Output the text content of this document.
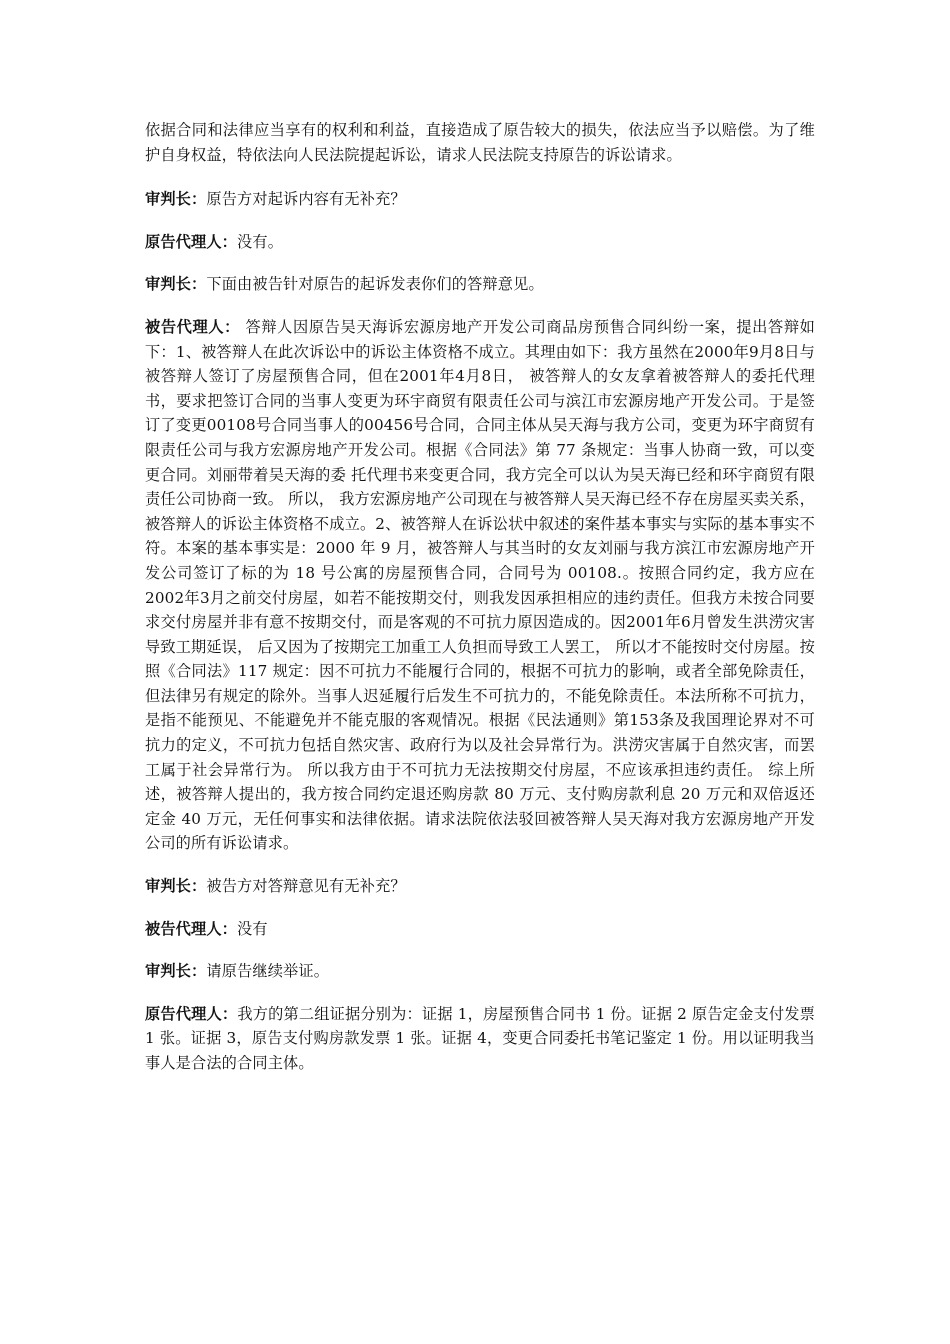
依据合同和法律应当享有的权利和利益，直接造成了原告较大的损失，依法应当予以赔偿。为了维护自身权益，特依法向人民法院提起诉讼，请求人民法院支持原告的诉讼请求。

审判长：原告方对起诉内容有无补充？

原告代理人：没有。

审判长：下面由被告针对原告的起诉发表你们的答辩意见。

被告代理人： 答辩人因原告吴天海诉宏源房地产开发公司商品房预售合同纠纷一案，提出答辩如下：1、被答辩人在此次诉讼中的诉讼主体资格不成立。其理由如下：我方虽然在2000年9月8日与被答辩人签订了房屋预售合同，但在2001年4月8日， 被答辩人的女友拿着被答辩人的委托代理书，要求把签订合同的当事人变更为环宇商贸有限责任公司与滨江市宏源房地产开发公司。于是签订了变更00108号合同当事人的00456号合同，合同主体从吴天海与我方公司，变更为环宇商贸有限责任公司与我方宏源房地产开发公司。根据《合同法》第 77 条规定：当事人协商一致，可以变更合同。刘丽带着吴天海的委 托代理书来变更合同，我方完全可以认为吴天海已经和环宇商贸有限责任公司协商一致。 所以， 我方宏源房地产公司现在与被答辩人吴天海已经不存在房屋买卖关系，被答辩人的诉讼主体资格不成立。2、被答辩人在诉讼状中叙述的案件基本事实与实际的基本事实不符。本案的基本事实是：2000 年 9 月，被答辩人与其当时的女友刘丽与我方滨江市宏源房地产开发公司签订了标的为 18 号公寓的房屋预售合同，合同号为 00108.。按照合同约定，我方应在2002年3月之前交付房屋，如若不能按期交付，则我发因承担相应的违约责任。但我方未按合同要求交付房屋并非有意不按期交付，而是客观的不可抗力原因造成的。因2001年6月曾发生洪涝灾害导致工期延误， 后又因为了按期完工加重工人负担而导致工人罢工， 所以才不能按时交付房屋。按照《合同法》117 规定：因不可抗力不能履行合同的，根据不可抗力的影响，或者全部免除责任，但法律另有规定的除外。当事人迟延履行后发生不可抗力的，不能免除责任。本法所称不可抗力，是指不能预见、不能避免并不能克服的客观情况。根据《民法通则》第153条及我国理论界对不可抗力的定义，不可抗力包括自然灾害、政府行为以及社会异常行为。洪涝灾害属于自然灾害，而罢工属于社会异常行为。 所以我方由于不可抗力无法按期交付房屋，不应该承担违约责任。 综上所述，被答辩人提出的，我方按合同约定退还购房款 80 万元、支付购房款利息 20 万元和双倍返还定金 40 万元，无任何事实和法律依据。请求法院依法驳回被答辩人吴天海对我方宏源房地产开发公司的所有诉讼请求。

审判长：被告方对答辩意见有无补充？

被告代理人：没有

审判长：请原告继续举证。

原告代理人：我方的第二组证据分别为：证据 1，房屋预售合同书 1 份。证据 2 原告定金支付发票 1 张。证据 3，原告支付购房款发票 1 张。证据 4，变更合同委托书笔记鉴定 1 份。用以证明我当事人是合法的合同主体。
